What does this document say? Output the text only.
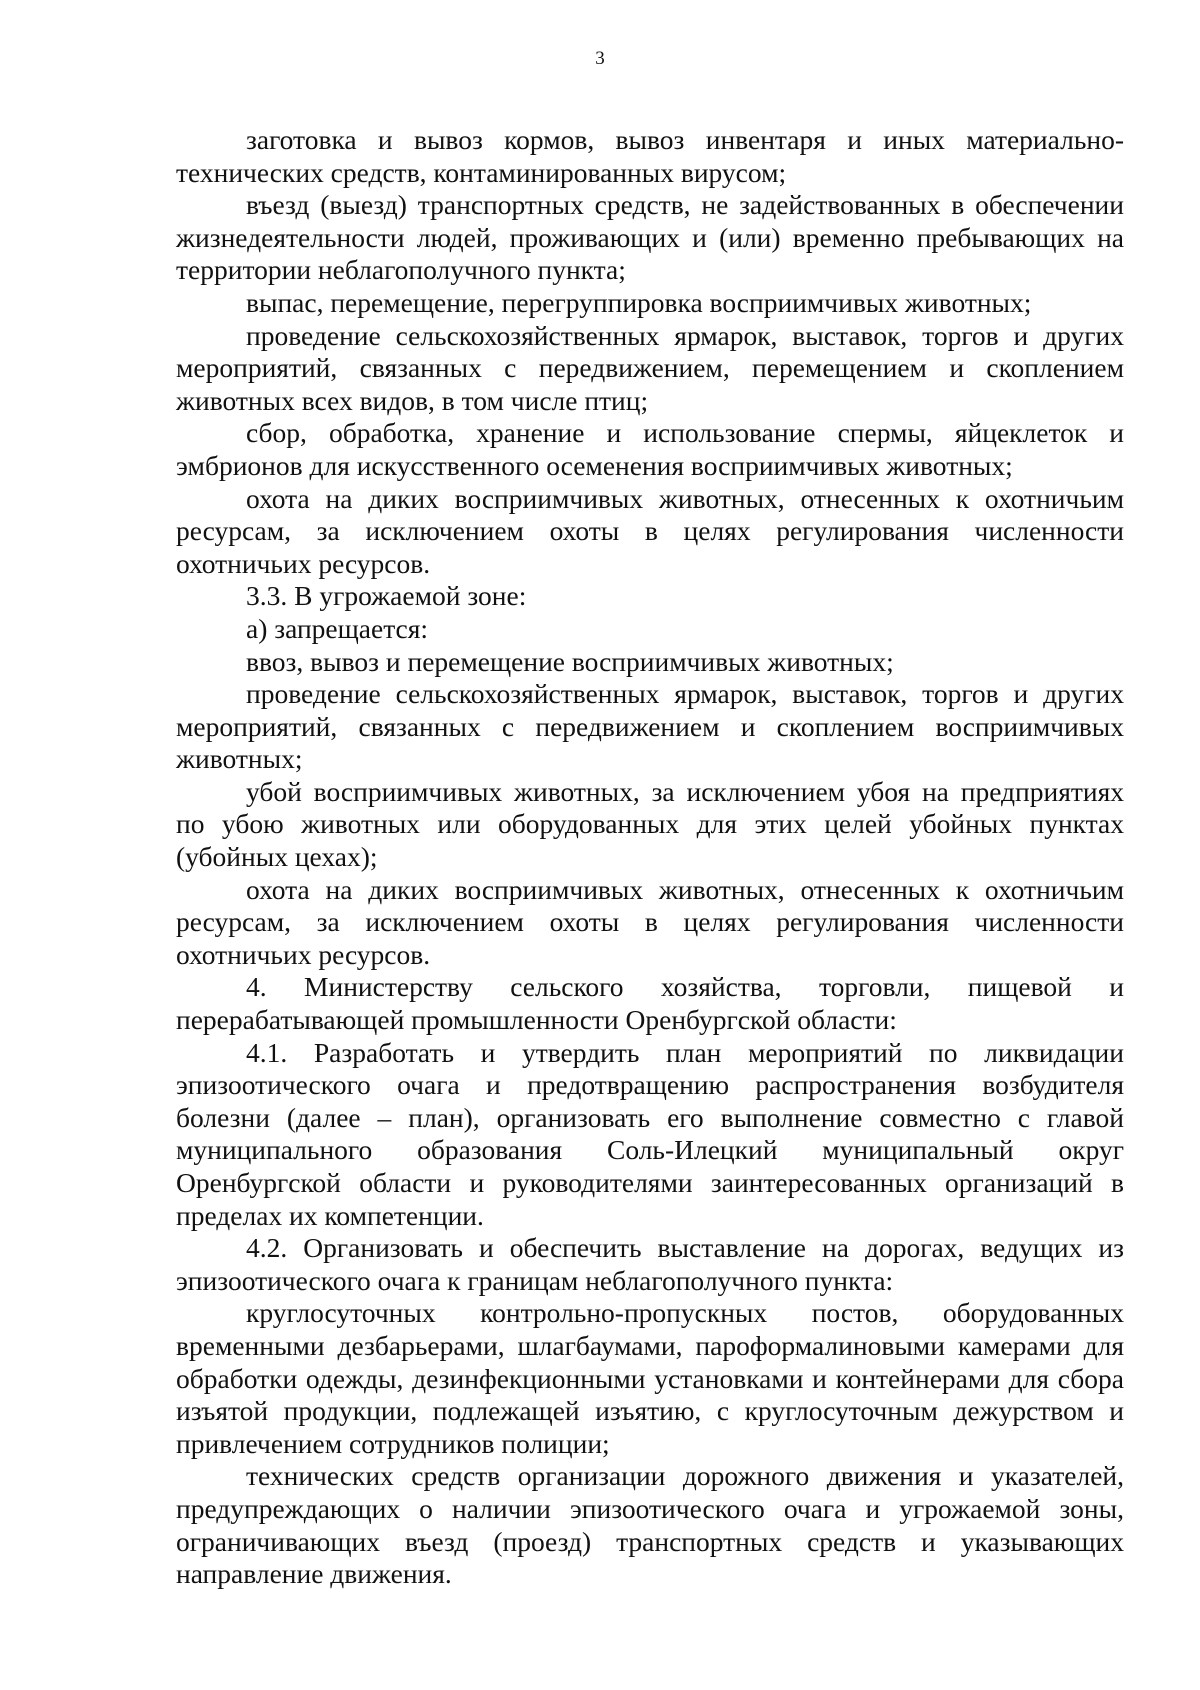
3

заготовка и вывоз кормов, вывоз инвентаря и иных материально-технических средств, контаминированных вирусом;

въезд (выезд) транспортных средств, не задействованных в обеспечении жизнедеятельности людей, проживающих и (или) временно пребывающих на территории неблагополучного пункта;

выпас, перемещение, перегруппировка восприимчивых животных;

проведение сельскохозяйственных ярмарок, выставок, торгов и других мероприятий, связанных с передвижением, перемещением и скоплением животных всех видов, в том числе птиц;

сбор, обработка, хранение и использование спермы, яйцеклеток и эмбрионов для искусственного осеменения восприимчивых животных;

охота на диких восприимчивых животных, отнесенных к охотничьим ресурсам, за исключением охоты в целях регулирования численности охотничьих ресурсов.

3.3. В угрожаемой зоне:

а) запрещается:

ввоз, вывоз и перемещение восприимчивых животных;

проведение сельскохозяйственных ярмарок, выставок, торгов и других мероприятий, связанных с передвижением и скоплением восприимчивых животных;

убой восприимчивых животных, за исключением убоя на предприятиях по убою животных или оборудованных для этих целей убойных пунктах (убойных цехах);

охота на диких восприимчивых животных, отнесенных к охотничьим ресурсам, за исключением охоты в целях регулирования численности охотничьих ресурсов.

4. Министерству сельского хозяйства, торговли, пищевой и перерабатывающей промышленности Оренбургской области:

4.1. Разработать и утвердить план мероприятий по ликвидации эпизоотического очага и предотвращению распространения возбудителя болезни (далее – план), организовать его выполнение совместно с главой муниципального образования Соль-Илецкий муниципальный округ Оренбургской области и руководителями заинтересованных организаций в пределах их компетенции.

4.2. Организовать и обеспечить выставление на дорогах, ведущих из эпизоотического очага к границам неблагополучного пункта:

круглосуточных контрольно-пропускных постов, оборудованных временными дезбарьерами, шлагбаумами, пароформалиновыми камерами для обработки одежды, дезинфекционными установками и контейнерами для сбора изъятой продукции, подлежащей изъятию, с круглосуточным дежурством и привлечением сотрудников полиции;

технических средств организации дорожного движения и указателей, предупреждающих о наличии эпизоотического очага и угрожаемой зоны, ограничивающих въезд (проезд) транспортных средств и указывающих направление движения.
